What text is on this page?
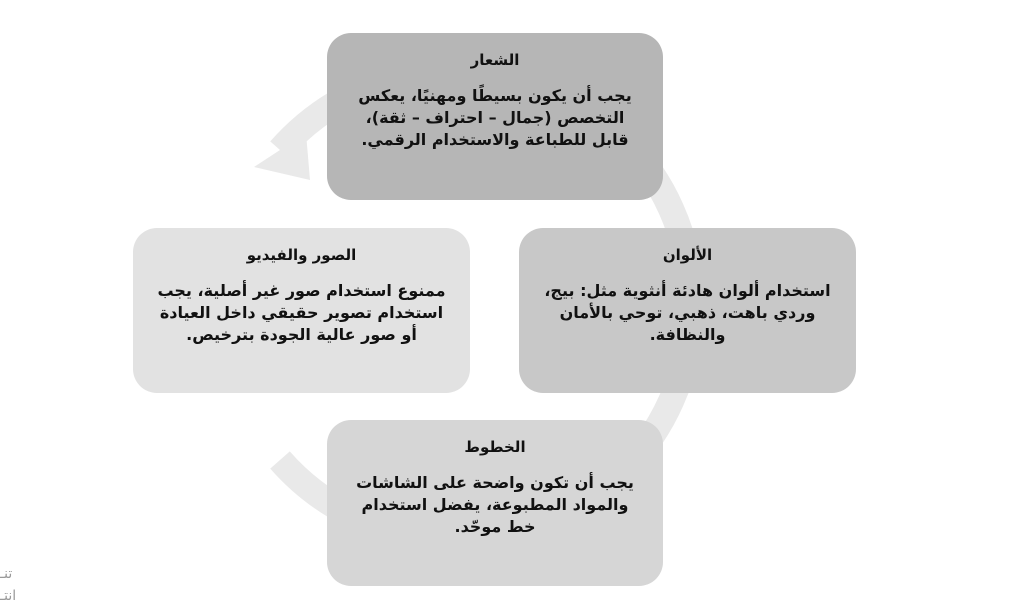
الشعار
يجب أن يكون بسيطًا ومهنيًا، يعكس التخصص (جمال – احتراف – ثقة)، قابل للطباعة والاستخدام الرقمي.
الألوان
استخدام ألوان هادئة أنثوية مثل: بيج، وردي باهت، ذهبي، توحي بالأمان والنظافة.
الخطوط
يجب أن تكون واضحة على الشاشات والمواد المطبوعة، يفضل استخدام خط موحّد.
الصور والفيديو
ممنوع استخدام صور غير أصلية، يجب استخدام تصوير حقيقي داخل العيادة أو صور عالية الجودة بترخيص.
تنـ
انتـ
